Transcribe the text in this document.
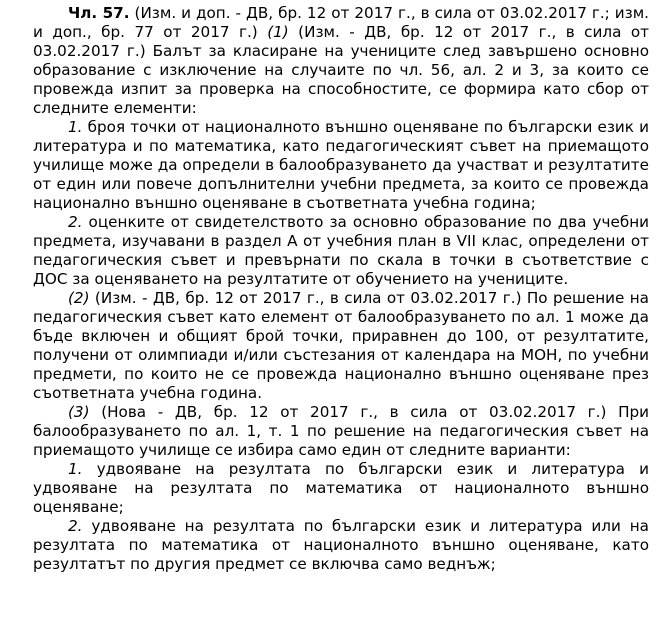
Чл. 57. (Изм. и доп. - ДВ, бр. 12 от 2017 г., в сила от 03.02.2017 г.; изм. и доп., бр. 77 от 2017 г.) (1) (Изм. - ДВ, бр. 12 от 2017 г., в сила от 03.02.2017 г.) Балът за класиране на учениците след завършено основно образование с изключение на случаите по чл. 56, ал. 2 и 3, за които се провежда изпит за проверка на способностите, се формира като сбор от следните елементи:

1. броя точки от националното външно оценяване по български език и литература и по математика, като педагогическият съвет на приемащото училище може да определи в балообразуването да участват и резултатите от един или повече допълнителни учебни предмета, за които се провежда национално външно оценяване в съответната учебна година;

2. оценките от свидетелството за основно образование по два учебни предмета, изучавани в раздел А от учебния план в VII клас, определени от педагогическия съвет и превърнати по скала в точки в съответствие с ДОС за оценяването на резултатите от обучението на учениците.

(2) (Изм. - ДВ, бр. 12 от 2017 г., в сила от 03.02.2017 г.) По решение на педагогическия съвет като елемент от балообразуването по ал. 1 може да бъде включен и общият брой точки, приравнен до 100, от резултатите, получени от олимпиади и/или състезания от календара на МОН, по учебни предмети, по които не се провежда национално външно оценяване през съответната учебна година.

(3) (Нова - ДВ, бр. 12 от 2017 г., в сила от 03.02.2017 г.) При балообразуването по ал. 1, т. 1 по решение на педагогическия съвет на приемащото училище се избира само един от следните варианти:

1. удвояване на резултата по български език и литература и удвояване на резултата по математика от националното външно оценяване;

2. удвояване на резултата по български език и литература или на резултата по математика от националното външно оценяване, като резултатът по другия предмет се включва само веднъж;
